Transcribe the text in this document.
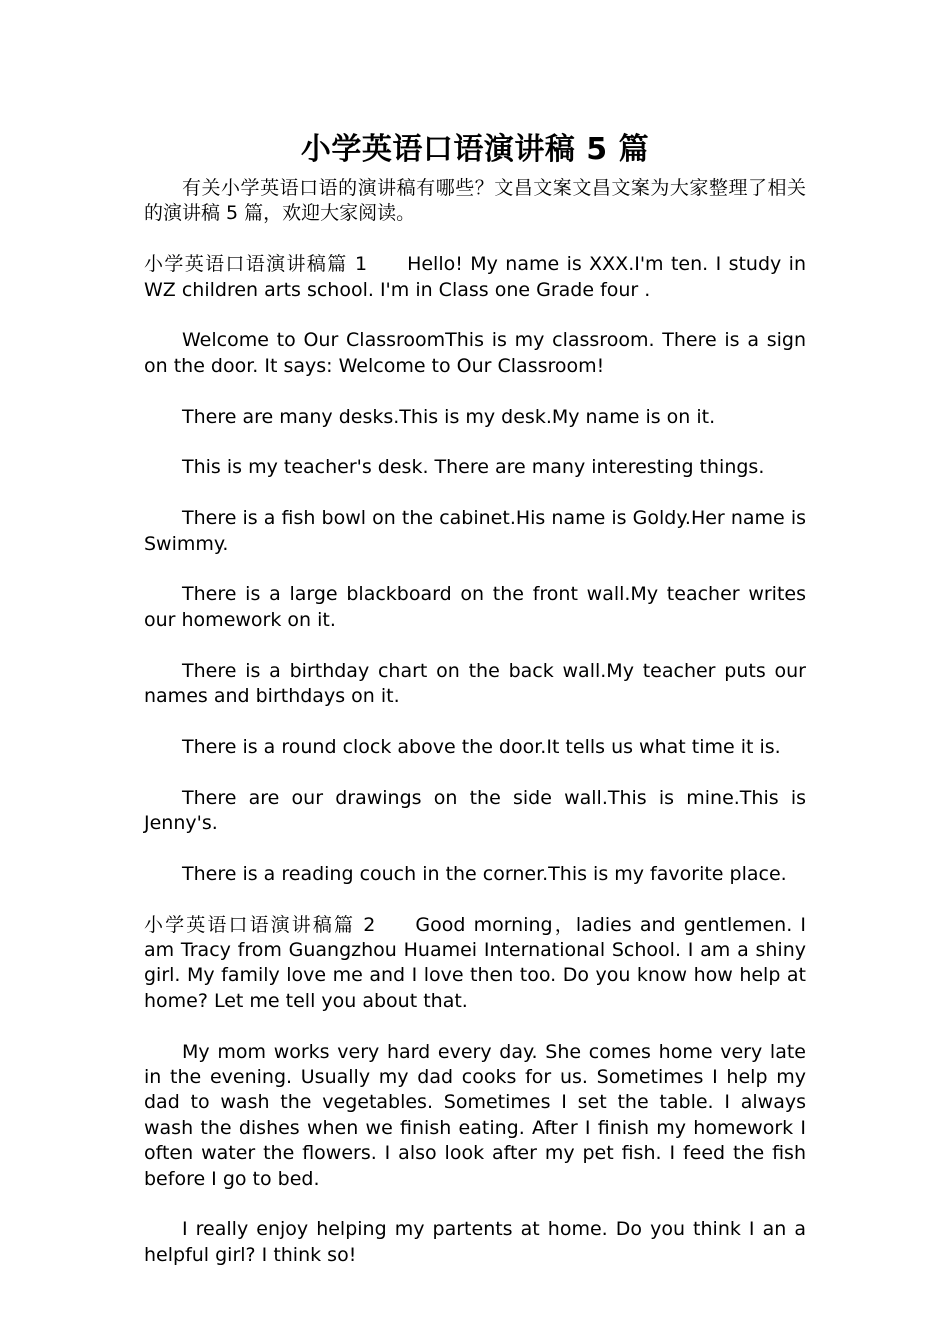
小学英语口语演讲稿 5 篇

有关小学英语口语的演讲稿有哪些？文昌文案文昌文案为大家整理了相关的演讲稿 5 篇，欢迎大家阅读。

小学英语口语演讲稿篇 1 Hello! My name is XXX.I'm ten. I study in WZ children arts school. I'm in Class one Grade four .

Welcome to Our ClassroomThis is my classroom. There is a sign on the door. It says: Welcome to Our Classroom!

There are many desks.This is my desk.My name is on it.

This is my teacher's desk. There are many interesting things.

There is a fish bowl on the cabinet.His name is Goldy.Her name is Swimmy.

There is a large blackboard on the front wall.My teacher writes our homework on it.

There is a birthday chart on the back wall.My teacher puts our names and birthdays on it.

There is a round clock above the door.It tells us what time it is.

There are our drawings on the side wall.This is mine.This is Jenny's.

There is a reading couch in the corner.This is my favorite place.

小学英语口语演讲稿篇 2 Good morning，ladies and gentlemen. I am Tracy from Guangzhou Huamei International School. I am a shiny girl. My family love me and I love then too. Do you know how help at home? Let me tell you about that.

My mom works very hard every day. She comes home very late in the evening. Usually my dad cooks for us. Sometimes I help my dad to wash the vegetables. Sometimes I set the table. I always wash the dishes when we finish eating. After I finish my homework I often water the flowers. I also look after my pet fish. I feed the fish before I go to bed.

I really enjoy helping my partents at home. Do you think I an a helpful girl? I think so!
